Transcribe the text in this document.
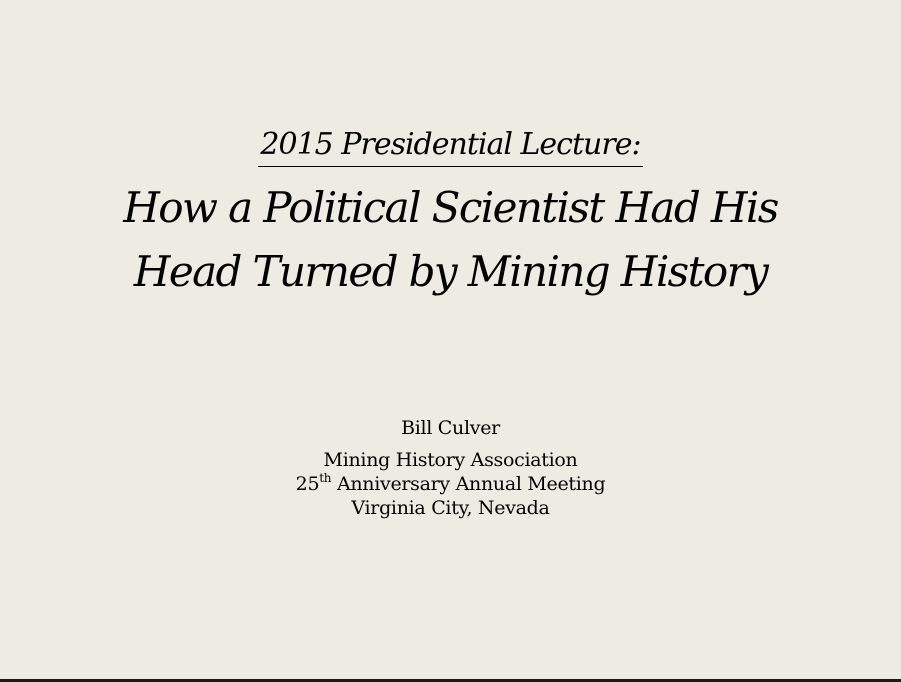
2015 Presidential Lecture:
How a Political Scientist Had His
Head Turned by Mining History
Bill Culver
Mining History Association
25th Anniversary Annual Meeting
Virginia City, Nevada
